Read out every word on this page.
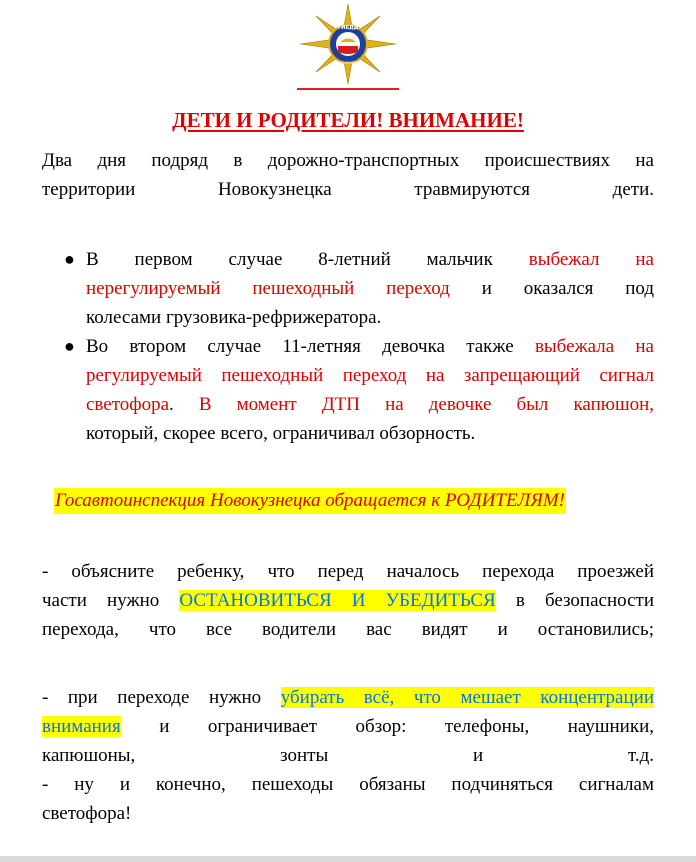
ГИБДД
НОВОКУЗНЕЦК
ДЕТИ И РОДИТЕЛИ! ВНИМАНИЕ!
Два дня подряд в дорожно-транспортных происшествиях на
территории Новокузнецка травмируются дети.
● В первом случае 8-летний мальчик выбежал на
нерегулируемый пешеходный переход и оказался под
колесами грузовика-рефрижератора.
● Во втором случае 11-летняя девочка также выбежала на
регулируемый пешеходный переход на запрещающий сигнал
светофора. В момент ДТП на девочке был капюшон,
который, скорее всего, ограничивал обзорность.
Госавтоинспекция Новокузнецка обращается к РОДИТЕЛЯМ!
- объясните ребенку, что перед началось перехода проезжей
части нужно ОСТАНОВИТЬСЯ И УБЕДИТЬСЯ в безопасности
перехода, что все водители вас видят и остановились;
- при переходе нужно убирать всё, что мешает концентрации
внимания и ограничивает обзор: телефоны, наушники,
капюшоны, зонты и т.д.
- ну и конечно, пешеходы обязаны подчиняться сигналам
светофора!
